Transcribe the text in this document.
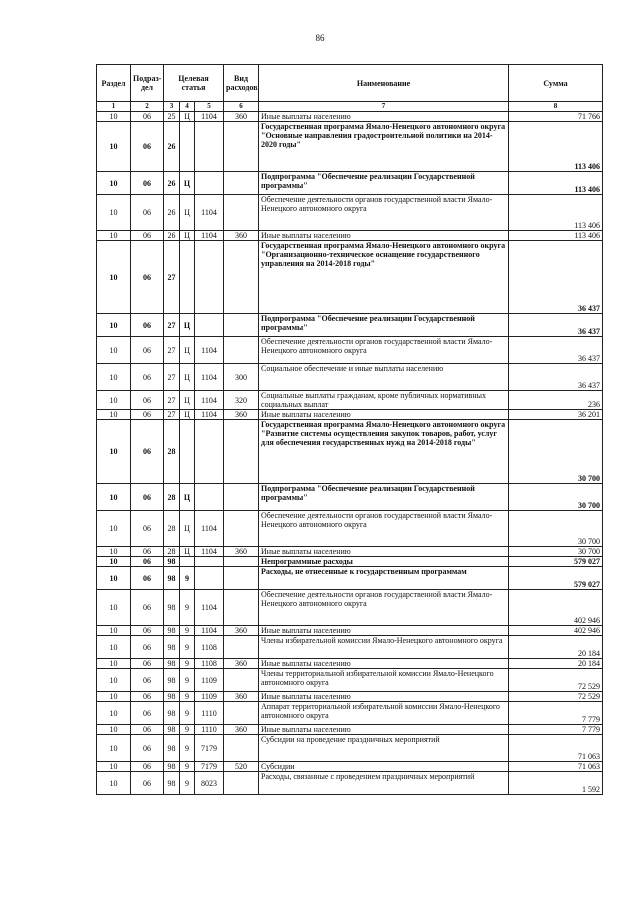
86
Раздел	Подраз- дел	Целевая статья			Вид расходов	Наименование	Сумма
1	2	3	4	5	6	7	8
10	06	25	Ц	1104	360	Иные выплаты населению	71 766
10	06	26				Государственная программа Ямало-Ненецкого автономного округа "Основные направления градостроительной политики на 2014-2020 годы"	113 406
10	06	26	Ц			Подпрограмма "Обеспечение реализации Государственной программы"	113 406
10	06	26	Ц	1104		Обеспечение деятельности органов государственной власти Ямало-Ненецкого автономного округа	113 406
10	06	26	Ц	1104	360	Иные выплаты населению	113 406
10	06	27				Государственная программа Ямало-Ненецкого автономного округа "Организационно-техническое оснащение государственного управления на 2014-2018 годы"	36 437
10	06	27	Ц			Подпрограмма "Обеспечение реализации Государственной программы"	36 437
10	06	27	Ц	1104		Обеспечение деятельности органов государственной власти Ямало-Ненецкого автономного округа	36 437
10	06	27	Ц	1104	300	Социальное обеспечение и иные выплаты населению	36 437
10	06	27	Ц	1104	320	Социальные выплаты гражданам, кроме публичных нормативных социальных выплат	236
10	06	27	Ц	1104	360	Иные выплаты населению	36 201
10	06	28				Государственная программа Ямало-Ненецкого автономного округа "Развитие системы осуществления закупок товаров, работ, услуг для обеспечения государственных нужд на 2014-2018 годы"	30 700
10	06	28	Ц			Подпрограмма "Обеспечение реализации Государственной программы"	30 700
10	06	28	Ц	1104		Обеспечение деятельности органов государственной власти Ямало-Ненецкого автономного округа	30 700
10	06	28	Ц	1104	360	Иные выплаты населению	30 700
10	06	98				Непрограммные расходы	579 027
10	06	98	9			Расходы, не отнесенные к государственным программам	579 027
10	06	98	9	1104		Обеспечение деятельности органов государственной власти Ямало-Ненецкого автономного округа	402 946
10	06	98	9	1104	360	Иные выплаты населению	402 946
10	06	98	9	1108		Члены избирательной комиссии Ямало-Ненецкого автономного округа	20 184
10	06	98	9	1108	360	Иные выплаты населению	20 184
10	06	98	9	1109		Члены территориальной избирательной комиссии Ямало-Ненецкого автономного округа	72 529
10	06	98	9	1109	360	Иные выплаты населению	72 529
10	06	98	9	1110		Аппарат территориальной избирательной комиссии Ямало-Ненецкого автономного округа	7 779
10	06	98	9	1110	360	Иные выплаты населению	7 779
10	06	98	9	7179		Субсидии на проведение праздничных мероприятий	71 063
10	06	98	9	7179	520	Субсидии	71 063
10	06	98	9	8023		Расходы, связанные с проведением праздничных мероприятий	1 592
